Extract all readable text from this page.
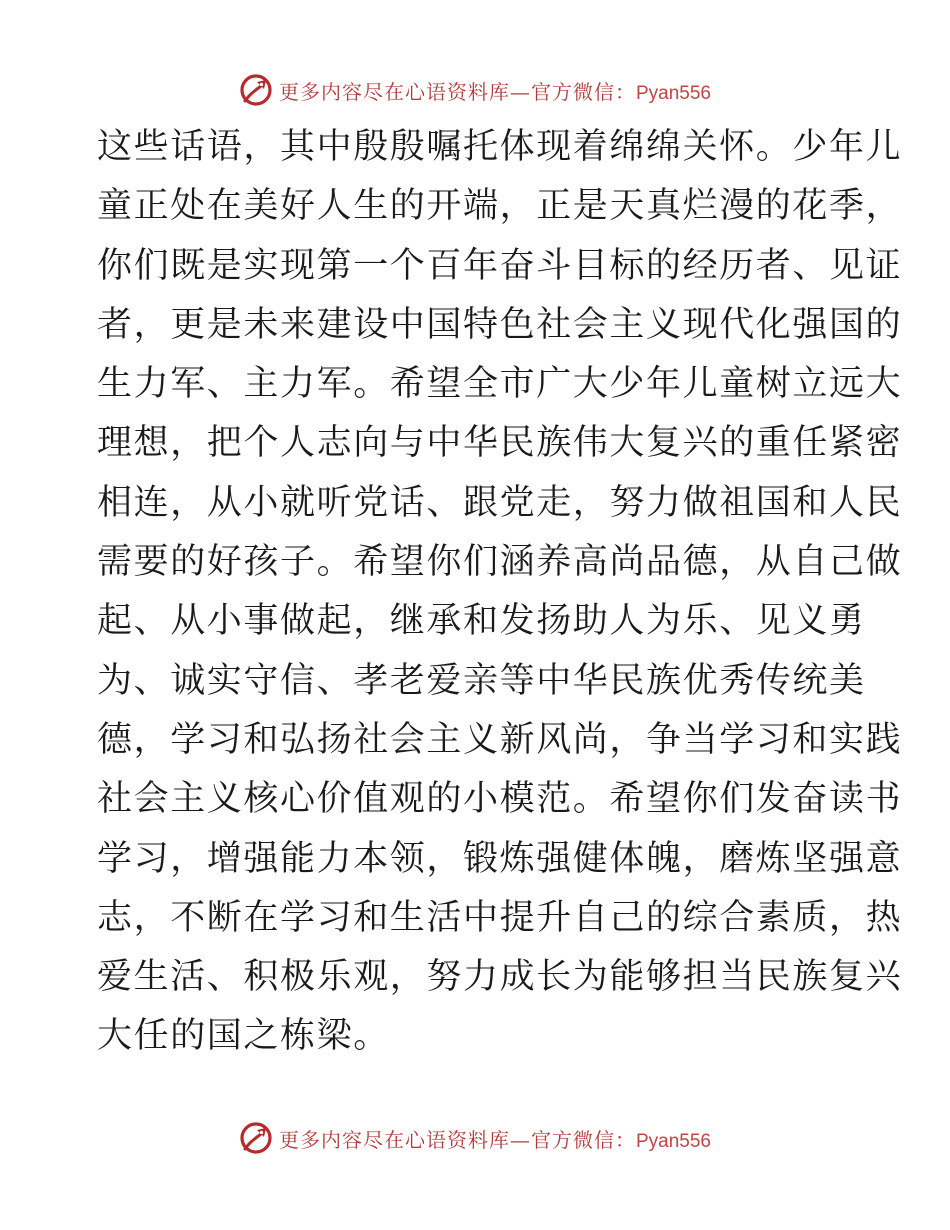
更多内容尽在心语资料库—官方微信：Pyan556
这些话语，其中殷殷嘱托体现着绵绵关怀。少年儿
童正处在美好人生的开端，正是天真烂漫的花季，
你们既是实现第一个百年奋斗目标的经历者、见证
者，更是未来建设中国特色社会主义现代化强国的
生力军、主力军。希望全市广大少年儿童树立远大
理想，把个人志向与中华民族伟大复兴的重任紧密
相连，从小就听党话、跟党走，努力做祖国和人民
需要的好孩子。希望你们涵养高尚品德，从自己做
起、从小事做起，继承和发扬助人为乐、见义勇
为、诚实守信、孝老爱亲等中华民族优秀传统美
德，学习和弘扬社会主义新风尚，争当学习和实践
社会主义核心价值观的小模范。希望你们发奋读书
学习，增强能力本领，锻炼强健体魄，磨炼坚强意
志，不断在学习和生活中提升自己的综合素质，热
爱生活、积极乐观，努力成长为能够担当民族复兴
大任的国之栋梁。
更多内容尽在心语资料库—官方微信：Pyan556
